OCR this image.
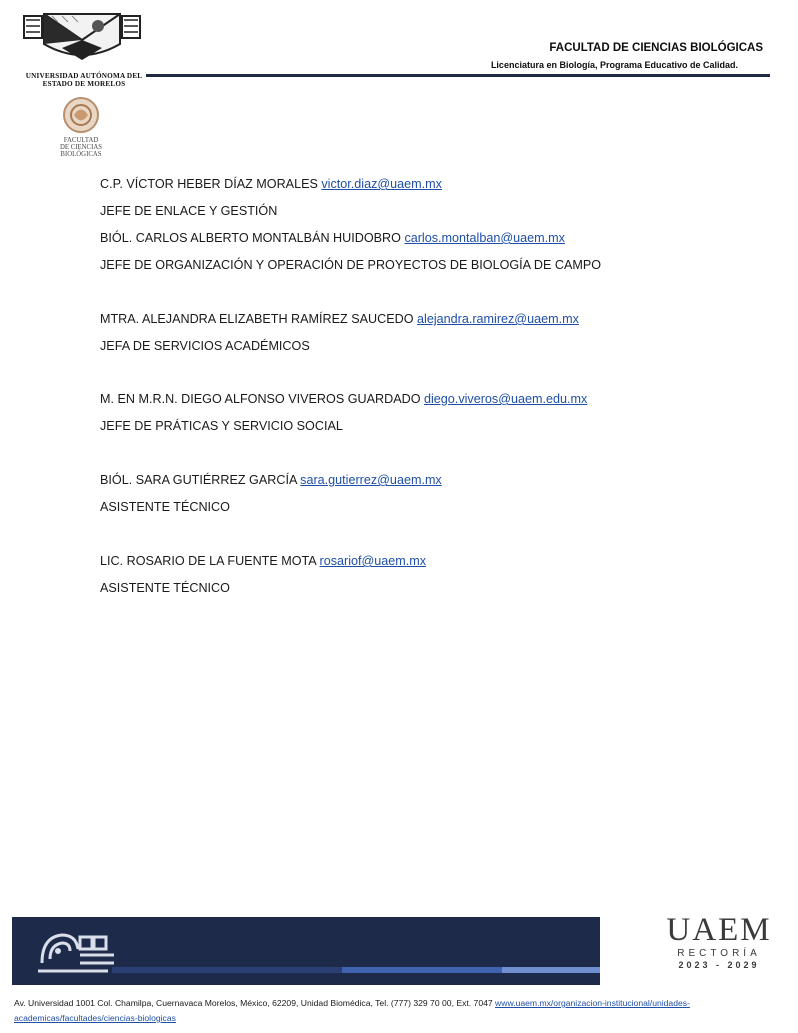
UNIVERSIDAD AUTÓNOMA DEL
ESTADO DE MORELOS
FACULTAD DE CIENCIAS BIOLÓGICAS
Licenciatura en Biología, Programa Educativo de Calidad.
FACULTAD
DE CIENCIAS
BIOLÓGICAS
C.P. VÍCTOR HEBER DÍAZ MORALES victor.diaz@uaem.mx
JEFE DE ENLACE Y GESTIÓN
BIÓL. CARLOS ALBERTO MONTALBÁN HUIDOBRO carlos.montalban@uaem.mx
JEFE DE ORGANIZACIÓN Y OPERACIÓN DE PROYECTOS DE BIOLOGÍA DE CAMPO
MTRA. ALEJANDRA ELIZABETH RAMÍREZ SAUCEDO alejandra.ramirez@uaem.mx
JEFA DE SERVICIOS ACADÉMICOS
M. EN M.R.N. DIEGO ALFONSO VIVEROS GUARDADO diego.viveros@uaem.edu.mx
JEFE DE PRÁTICAS Y SERVICIO SOCIAL
BIÓL. SARA GUTIÉRREZ GARCÍA sara.gutierrez@uaem.mx
ASISTENTE TÉCNICO
LIC. ROSARIO DE LA FUENTE MOTA rosariof@uaem.mx
ASISTENTE TÉCNICO
UAEM
RECTORÍA
2023 - 2029
Av. Universidad 1001 Col. Chamilpa, Cuernavaca Morelos, México, 62209, Unidad Biomédica, Tel. (777) 329 70 00, Ext. 7047 www.uaem.mx/organizacion-institucional/unidades-
academicas/facultades/ciencias-biologicas
